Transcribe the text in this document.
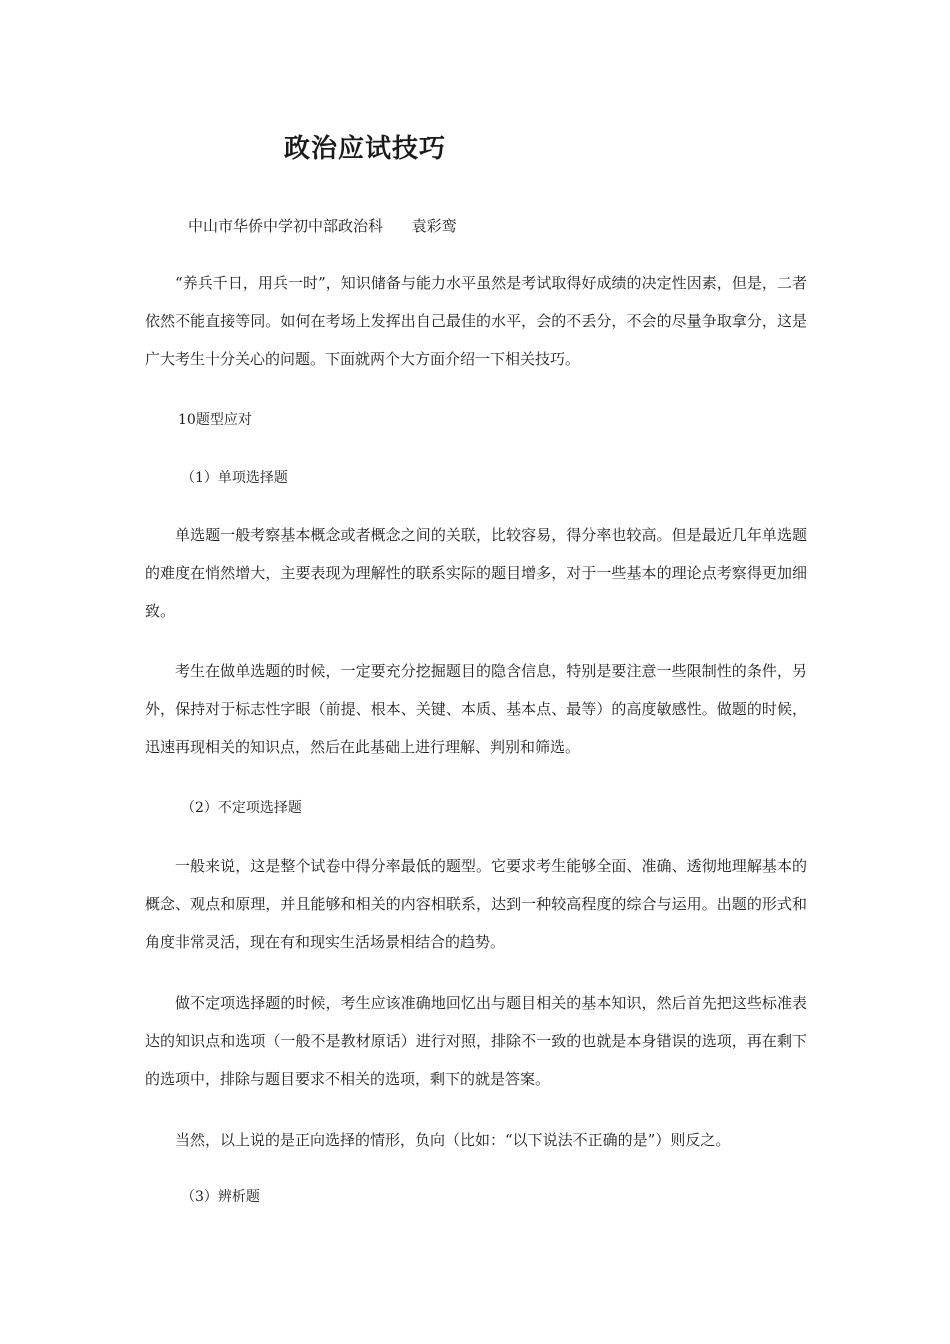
政治应试技巧
中山市华侨中学初中部政治科      袁彩鸾

“养兵千日，用兵一时”，知识储备与能力水平虽然是考试取得好成绩的决定性因素，但是，二者依然不能直接等同。如何在考场上发挥出自己最佳的水平，会的不丢分，不会的尽量争取拿分，这是广大考生十分关心的问题。下面就两个大方面介绍一下相关技巧。

10题型应对

（1）单项选择题

单选题一般考察基本概念或者概念之间的关联，比较容易，得分率也较高。但是最近几年单选题的难度在悄然增大，主要表现为理解性的联系实际的题目增多，对于一些基本的理论点考察得更加细致。

考生在做单选题的时候，一定要充分挖掘题目的隐含信息，特别是要注意一些限制性的条件，另外，保持对于标志性字眼（前提、根本、关键、本质、基本点、最等）的高度敏感性。做题的时候，迅速再现相关的知识点，然后在此基础上进行理解、判别和筛选。

（2）不定项选择题

一般来说，这是整个试卷中得分率最低的题型。它要求考生能够全面、准确、透彻地理解基本的概念、观点和原理，并且能够和相关的内容相联系，达到一种较高程度的综合与运用。出题的形式和角度非常灵活，现在有和现实生活场景相结合的趋势。

做不定项选择题的时候，考生应该准确地回忆出与题目相关的基本知识，然后首先把这些标准表达的知识点和选项（一般不是教材原话）进行对照，排除不一致的也就是本身错误的选项，再在剩下的选项中，排除与题目要求不相关的选项，剩下的就是答案。

当然，以上说的是正向选择的情形，负向（比如：“以下说法不正确的是”）则反之。

（3）辨析题
